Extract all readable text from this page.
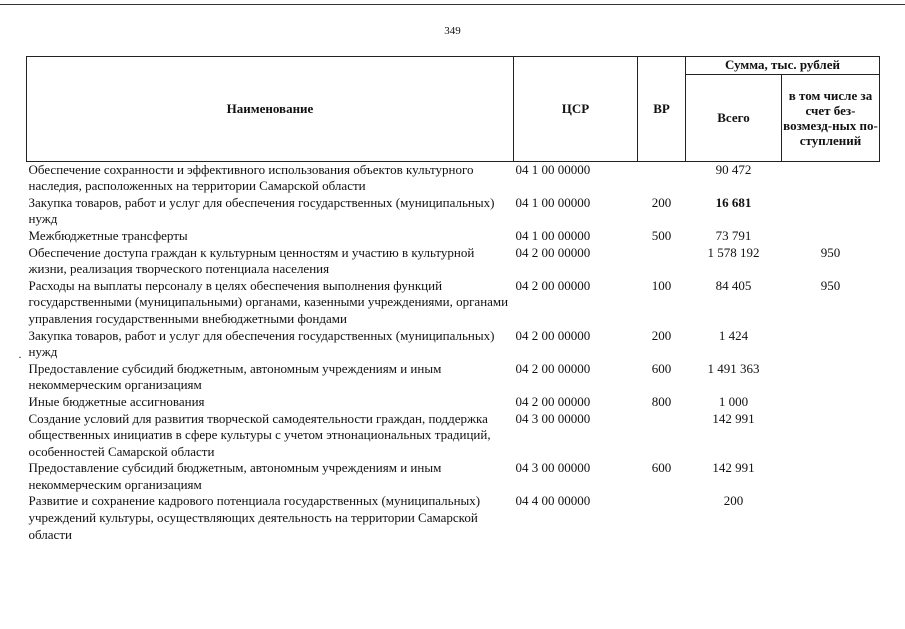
349
·
Наименование	ЦСР	ВР	Сумма, тыс. рублей	
			Всего	в том числе за счет без-возмезд-ных по-ступлений
Обеспечение сохранности и эффективного использования объектов культурного наследия, расположенных на территории Самарской области	04 1 00 00000		90 472	
Закупка товаров, работ и услуг для обеспечения государственных (муниципальных) нужд	04 1 00 00000	200	16 681	
Межбюджетные трансферты	04 1 00 00000	500	73 791	
Обеспечение доступа граждан к культурным ценностям и участию в культурной жизни, реализация творческого потенциала населения	04 2 00 00000		1 578 192	950
Расходы на выплаты персоналу в целях обеспечения выполнения функций государственными (муниципальными) органами, казенными учреждениями, органами управления государственными внебюджетными фондами	04 2 00 00000	100	84 405	950
Закупка товаров, работ и услуг для обеспечения государственных (муниципальных) нужд	04 2 00 00000	200	1 424	
Предоставление субсидий бюджетным, автономным учреждениям и иным некоммерческим организациям	04 2 00 00000	600	1 491 363	
Иные бюджетные ассигнования	04 2 00 00000	800	1 000	
Создание условий для развития творческой самодеятельности граждан, поддержка общественных инициатив в сфере культуры с учетом этнонациональных традиций, особенностей Самарской области	04 3 00 00000		142 991	
Предоставление субсидий бюджетным, автономным учреждениям и иным некоммерческим организациям	04 3 00 00000	600	142 991	
Развитие и сохранение кадрового потенциала государственных (муниципальных) учреждений культуры, осуществляющих деятельность на территории Самарской области	04 4 00 00000		200	
